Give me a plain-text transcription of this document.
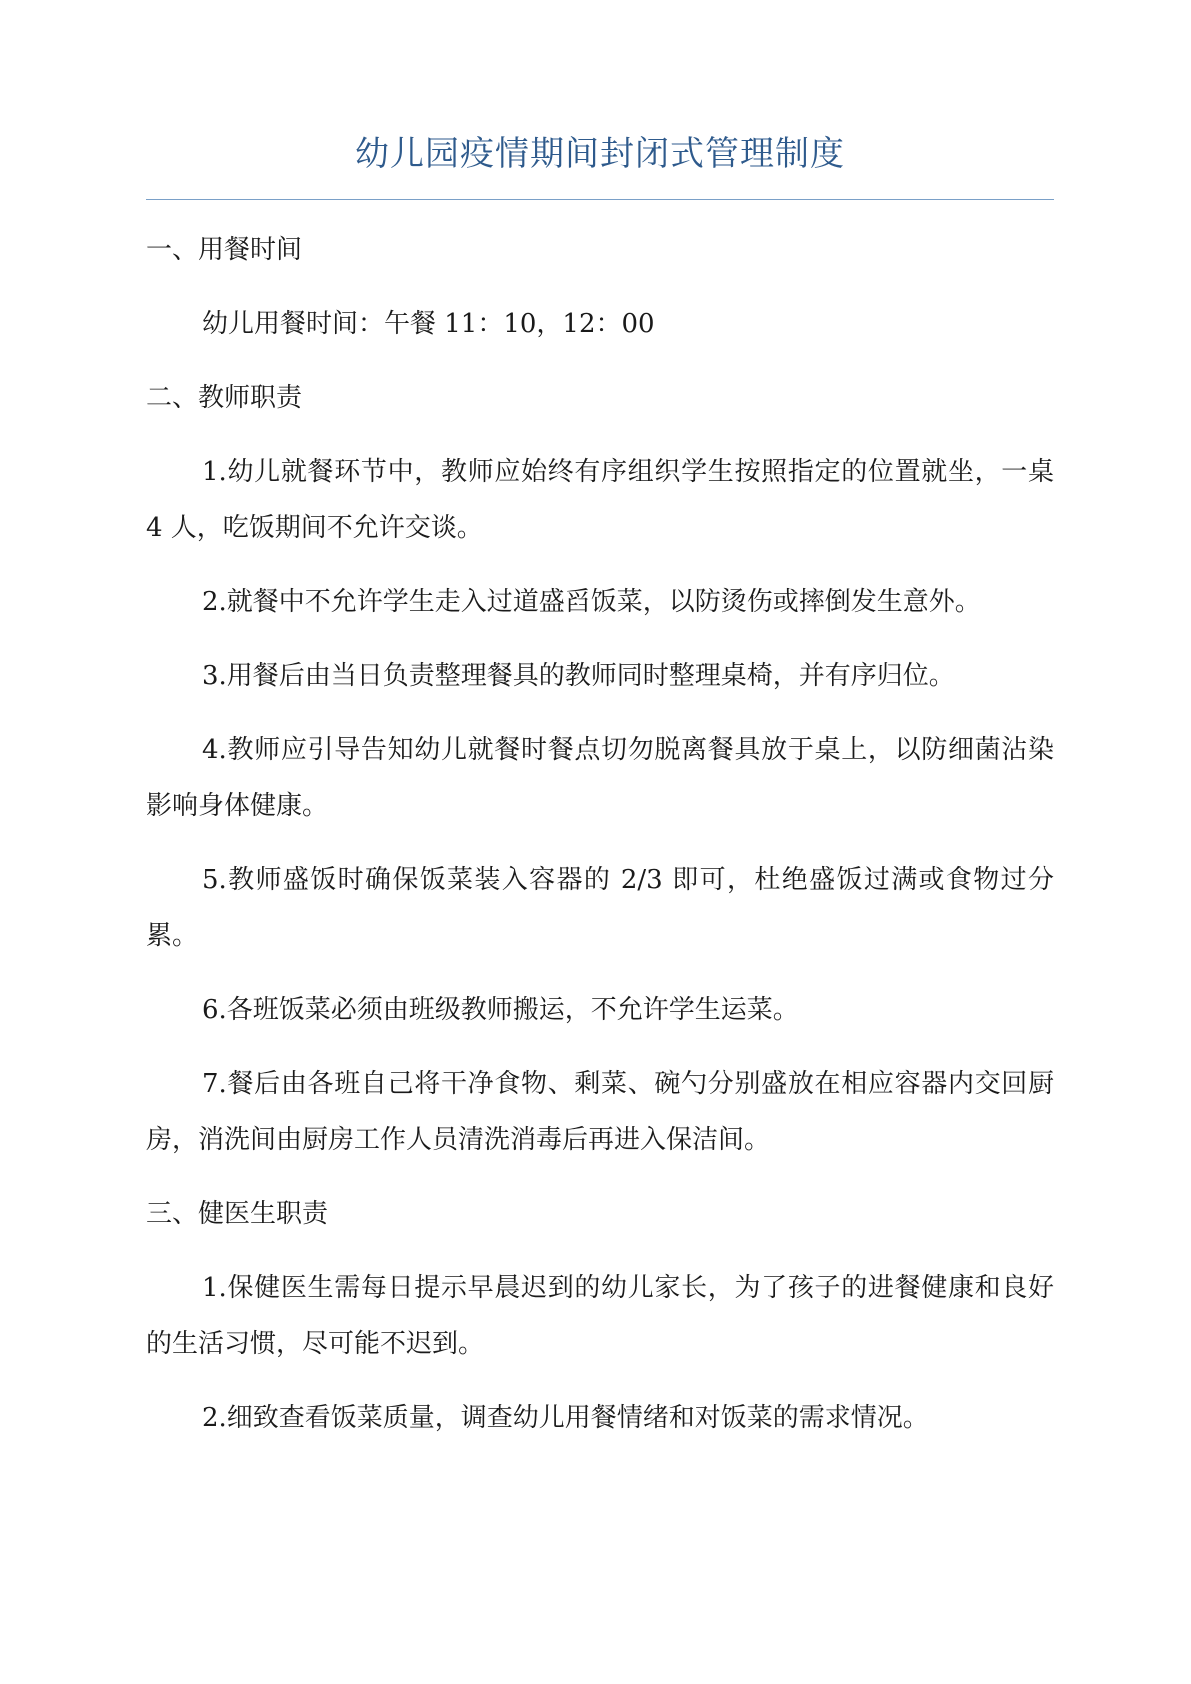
幼儿园疫情期间封闭式管理制度

一、用餐时间

幼儿用餐时间：午餐 11：10，12：00

二、教师职责

1.幼儿就餐环节中，教师应始终有序组织学生按照指定的位置就坐，一桌 4 人，吃饭期间不允许交谈。

2.就餐中不允许学生走入过道盛舀饭菜，以防烫伤或摔倒发生意外。

3.用餐后由当日负责整理餐具的教师同时整理桌椅，并有序归位。

4.教师应引导告知幼儿就餐时餐点切勿脱离餐具放于桌上，以防细菌沾染影响身体健康。

5.教师盛饭时确保饭菜装入容器的 2/3 即可，杜绝盛饭过满或食物过分累。

6.各班饭菜必须由班级教师搬运，不允许学生运菜。

7.餐后由各班自己将干净食物、剩菜、碗勺分别盛放在相应容器内交回厨房，消洗间由厨房工作人员清洗消毒后再进入保洁间。

三、健医生职责

1.保健医生需每日提示早晨迟到的幼儿家长，为了孩子的进餐健康和良好的生活习惯，尽可能不迟到。

2.细致查看饭菜质量，调查幼儿用餐情绪和对饭菜的需求情况。
